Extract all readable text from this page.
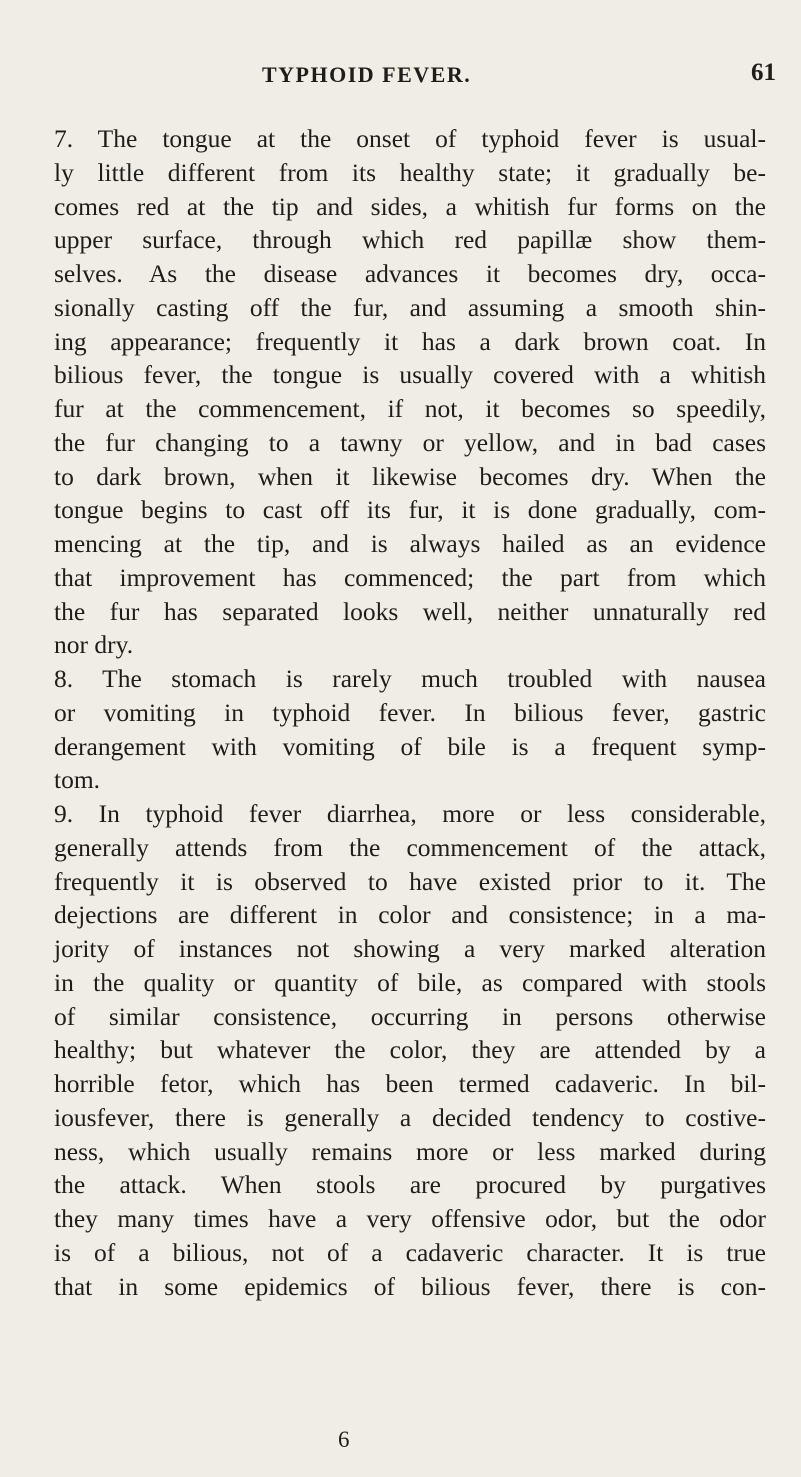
TYPHOID FEVER.	61
7. The tongue at the onset of typhoid fever is usual-
ly little different from its healthy state; it gradually be-
comes red at the tip and sides, a whitish fur forms on the
upper surface, through which red papillæ show them-
selves. As the disease advances it becomes dry, occa-
sionally casting off the fur, and assuming a smooth shin-
ing appearance; frequently it has a dark brown coat. In
bilious fever, the tongue is usually covered with a whitish
fur at the commencement, if not, it becomes so speedily,
the fur changing to a tawny or yellow, and in bad cases
to dark brown, when it likewise becomes dry. When the
tongue begins to cast off its fur, it is done gradually, com-
mencing at the tip, and is always hailed as an evidence
that improvement has commenced; the part from which
the fur has separated looks well, neither unnaturally red
nor dry.
8. The stomach is rarely much troubled with nausea
or vomiting in typhoid fever. In bilious fever, gastric
derangement with vomiting of bile is a frequent symp-
tom.
9. In typhoid fever diarrhea, more or less considerable,
generally attends from the commencement of the attack,
frequently it is observed to have existed prior to it. The
dejections are different in color and consistence; in a ma-
jority of instances not showing a very marked alteration
in the quality or quantity of bile, as compared with stools
of similar consistence, occurring in persons otherwise
healthy; but whatever the color, they are attended by a
horrible fetor, which has been termed cadaveric. In bil-
iousfever, there is generally a decided tendency to costive-
ness, which usually remains more or less marked during
the attack. When stools are procured by purgatives
they many times have a very offensive odor, but the odor
is of a bilious, not of a cadaveric character. It is true
that in some epidemics of bilious fever, there is con-
6
